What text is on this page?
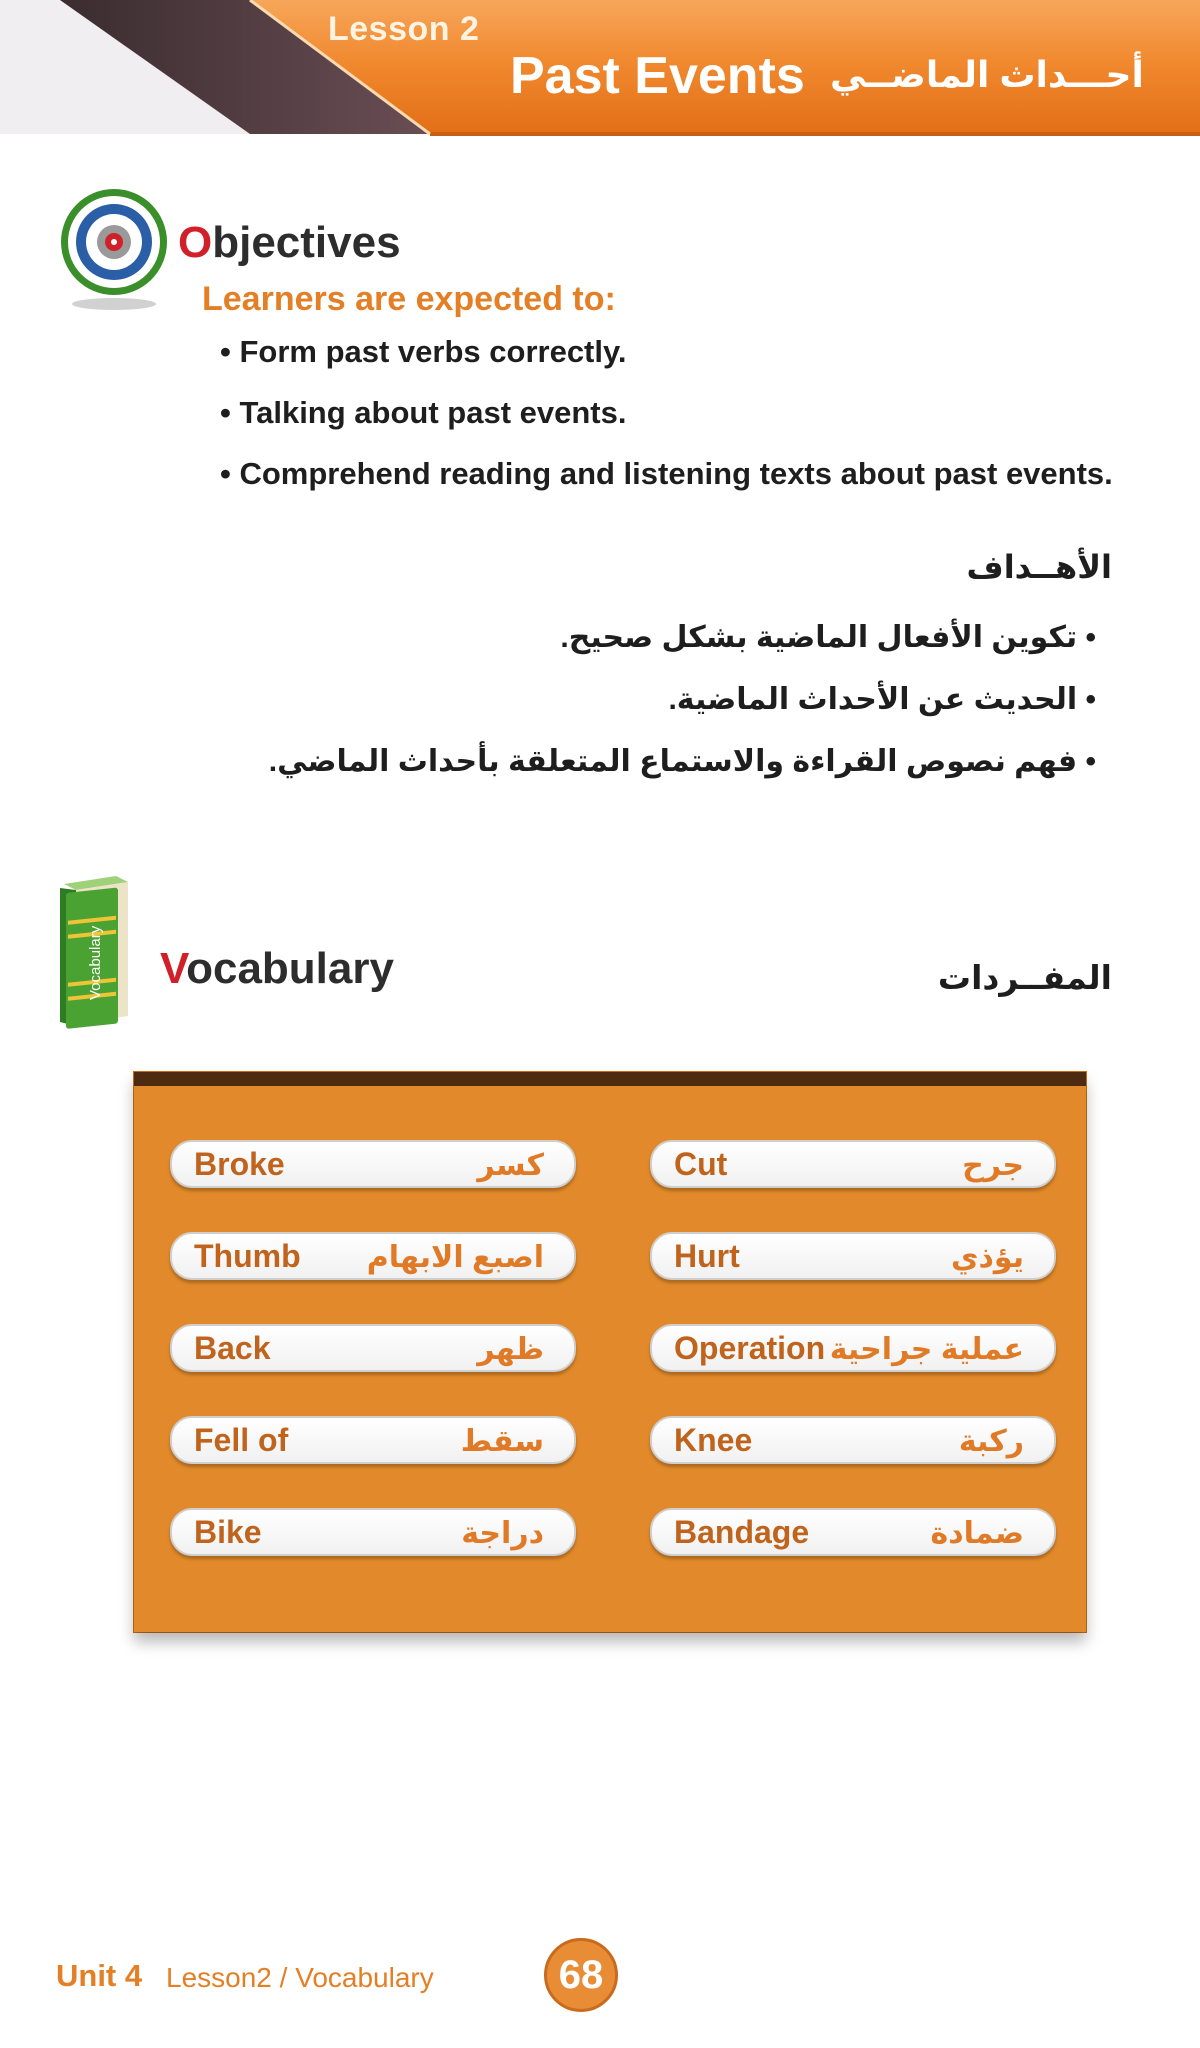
Lesson 2
Past Events أحـــداث الماضــي
Objectives
Learners are expected to:
• Form past verbs correctly.
• Talking about past events.
• Comprehend reading and listening texts about past events.
الأهــداف
• تكوين الأفعال الماضية بشكل صحيح.
• الحديث عن الأحداث الماضية.
• فهم نصوص القراءة والاستماع المتعلقة بأحداث الماضي.
Vocabulary Vocabulary	المفــردات
Broke	كسر
Thumb اصبع الابهام
Back	ظهر
Fell of	سقط
Bike	دراجة
Cut	جرح
Hurt	يؤذي
Operation عملية جراحية
Knee	ركبة
Bandage	ضمادة
Unit 4 Lesson2 / Vocabulary	68
